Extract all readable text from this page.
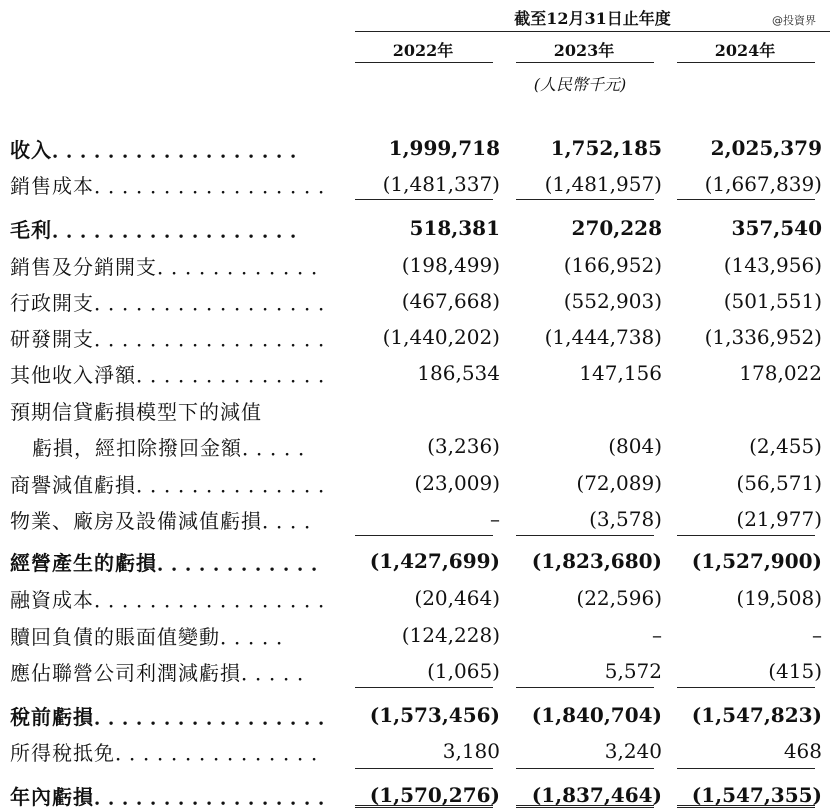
截至12月31日止年度	@投資界
2022年	2023年	2024年
(人民幣千元)
收入．．．．．．．．．．．．．．．．．．	1,999,718	1,752,185	2,025,379
銷售成本．．．．．．．．．．．．．．．．．	(1,481,337)	(1,481,957)	(1,667,839)
毛利．．．．．．．．．．．．．．．．．．	518,381	270,228	357,540
銷售及分銷開支．．．．．．．．．．．．	(198,499)	(166,952)	(143,956)
行政開支．．．．．．．．．．．．．．．．．	(467,668)	(552,903)	(501,551)
研發開支．．．．．．．．．．．．．．．．．	(1,440,202)	(1,444,738)	(1,336,952)
其他收入淨額．．．．．．．．．．．．．．	186,534	147,156	178,022
預期信貸虧損模型下的減值
虧損，經扣除撥回金額．．．．．	(3,236)	(804)	(2,455)
商譽減值虧損．．．．．．．．．．．．．．	(23,009)	(72,089)	(56,571)
物業、廠房及設備減值虧損．．．．	–	(3,578)	(21,977)
經營產生的虧損．．．．．．．．．．．．	(1,427,699)	(1,823,680)	(1,527,900)
融資成本．．．．．．．．．．．．．．．．．	(20,464)	(22,596)	(19,508)
贖回負債的賬面值變動．．．．．	(124,228)	–	–
應佔聯營公司利潤減虧損．．．．．	(1,065)	5,572	(415)
稅前虧損．．．．．．．．．．．．．．．．．	(1,573,456)	(1,840,704)	(1,547,823)
所得稅抵免．．．．．．．．．．．．．．．	3,180	3,240	468
年內虧損．．．．．．．．．．．．．．．．．	(1,570,276)	(1,837,464)	(1,547,355)
